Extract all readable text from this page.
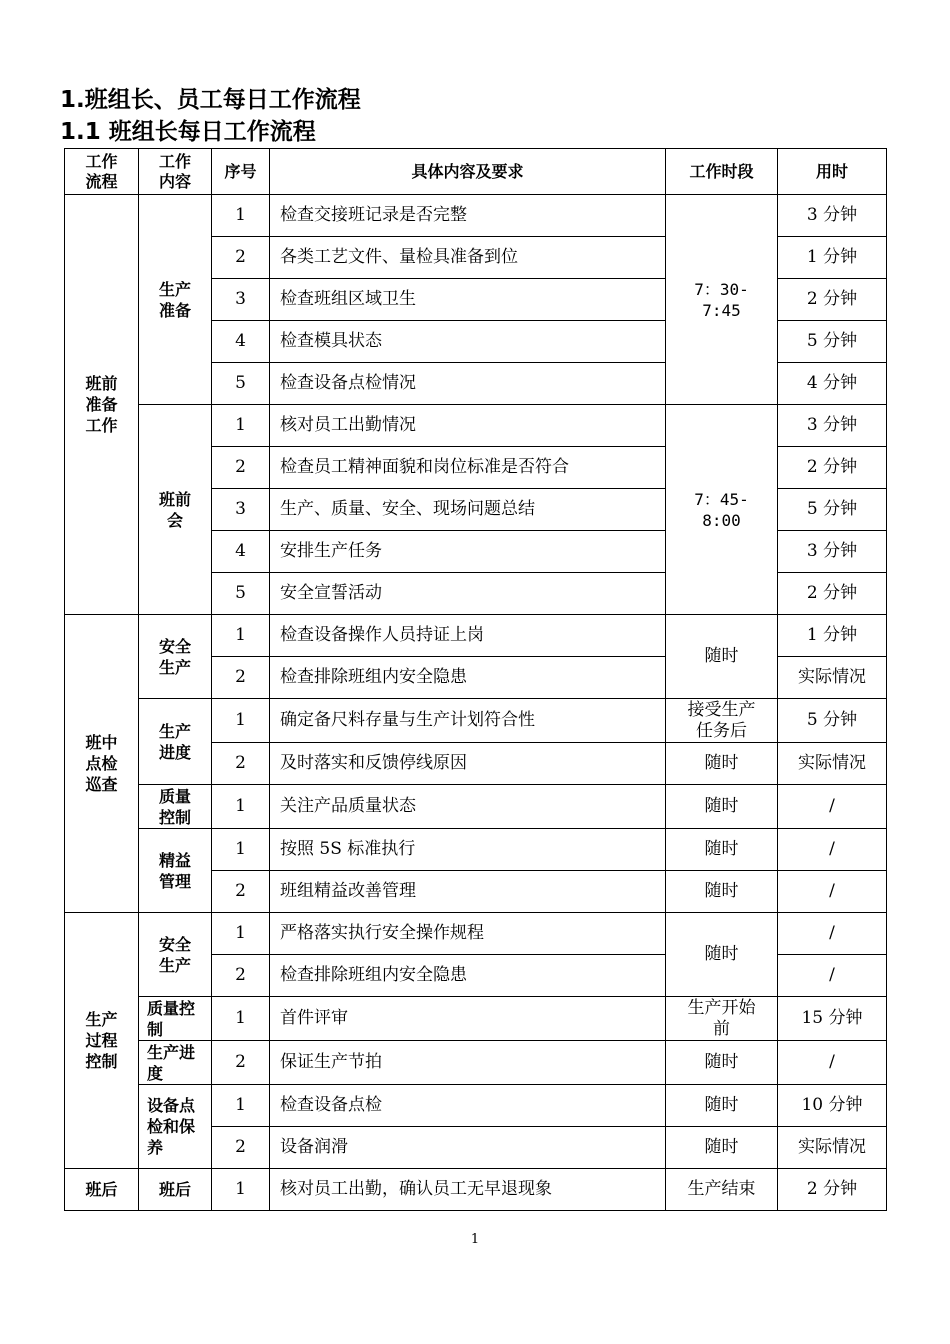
1.班组长、员工每日工作流程
1.1 班组长每日工作流程
工作流程	工作内容	序号	具体内容及要求	工作时段	用时
班前准备工作	生产准备	1	检查交接班记录是否完整	7：30-7:45	3 分钟
		2	各类工艺文件、量检具准备到位		1 分钟
		3	检查班组区域卫生		2 分钟
		4	检查模具状态		5 分钟
		5	检查设备点检情况		4 分钟
	班前会	1	核对员工出勤情况	7：45-8:00	3 分钟
		2	检查员工精神面貌和岗位标准是否符合		2 分钟
		3	生产、质量、安全、现场问题总结		5 分钟
		4	安排生产任务		3 分钟
		5	安全宣誓活动		2 分钟
班中点检巡查	安全生产	1	检查设备操作人员持证上岗	随时	1 分钟
		2	检查排除班组内安全隐患		实际情况
	生产进度	1	确定备尺料存量与生产计划符合性	接受生产任务后	5 分钟
		2	及时落实和反馈停线原因	随时	实际情况
	质量控制	1	关注产品质量状态	随时	/
	精益管理	1	按照 5S 标准执行	随时	/
		2	班组精益改善管理	随时	/
生产过程控制	安全生产	1	严格落实执行安全操作规程	随时	/
		2	检查排除班组内安全隐患		/
	质量控制	1	首件评审	生产开始前	15 分钟
	生产进度	2	保证生产节拍	随时	/
	设备点检和保养	1	检查设备点检	随时	10 分钟
		2	设备润滑	随时	实际情况
班后	班后	1	核对员工出勤，确认员工无早退现象	生产结束	2 分钟
1
